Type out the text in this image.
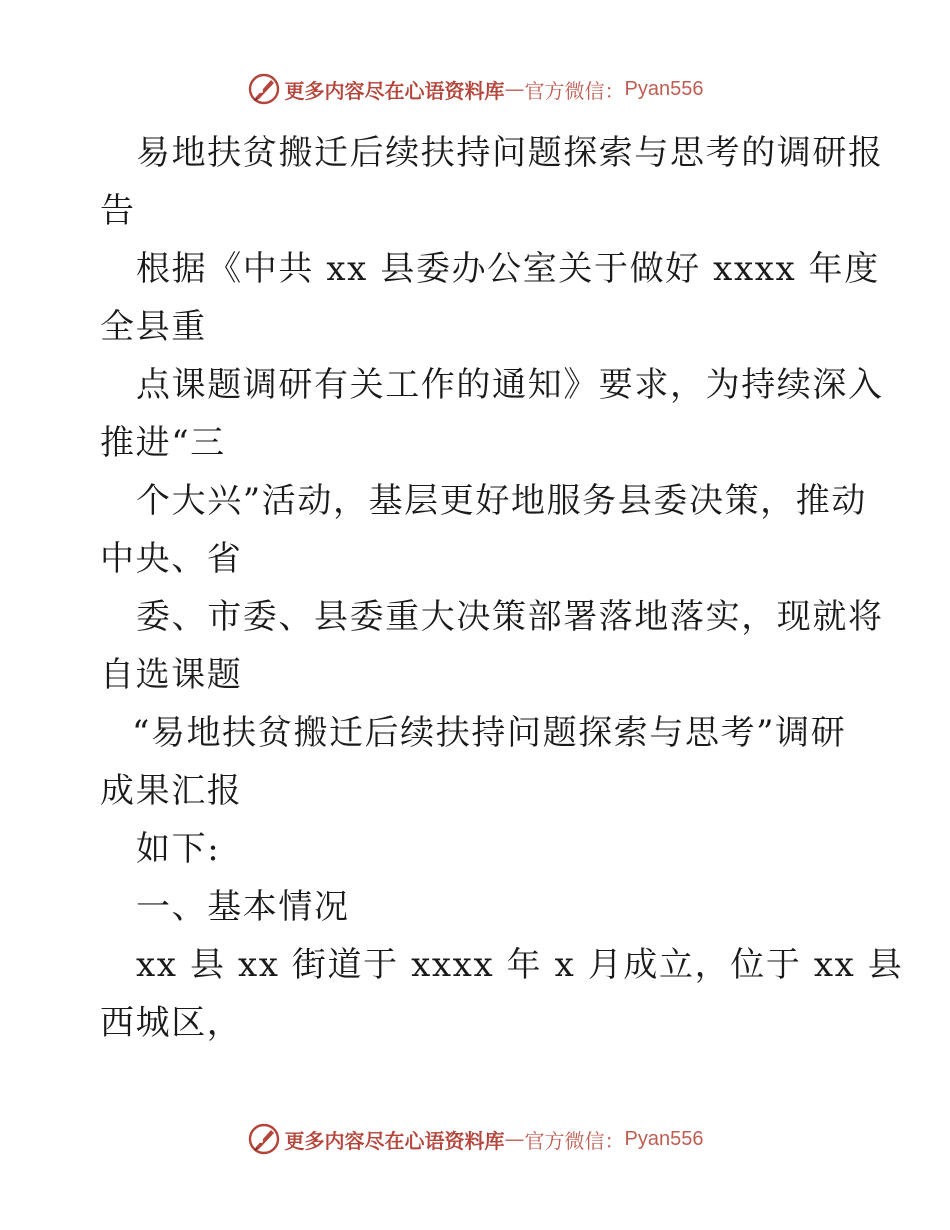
更多内容尽在心语资料库 — 官方微信： Pyan556
易地扶贫搬迁后续扶持问题探索与思考的调研报
告
根据《中共 xx 县委办公室关于做好 xxxx 年度
全县重
点课题调研有关工作的通知》要求，为持续深入
推进“三
个大兴”活动，基层更好地服务县委决策，推动
中央、省
委、市委、县委重大决策部署落地落实，现就将
自选课题
“易地扶贫搬迁后续扶持问题探索与思考”调研
成果汇报
如下:
一、基本情况
xx 县 xx 街道于 xxxx 年 x 月成立，位于 xx 县
西城区，
更多内容尽在心语资料库 — 官方微信： Pyan556
